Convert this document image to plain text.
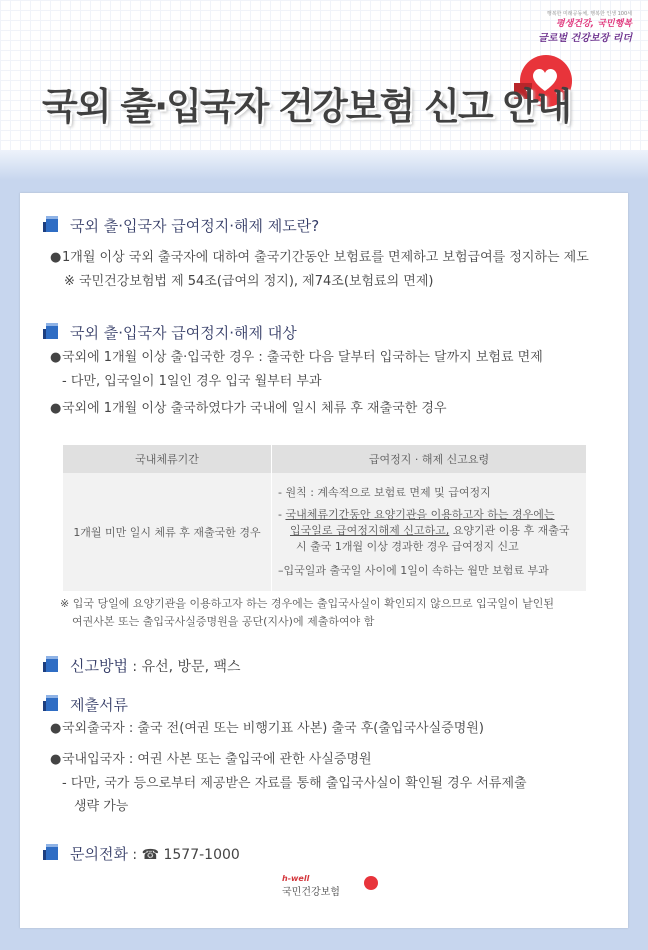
행복한 미래공동체, 행복한 인생 100세
평생건강, 국민행복
글로벌 건강보장 리더
국외 출·입국자 건강보험 신고 안내
국외 출·입국자 급여정지·해제 제도란?
●1개월 이상 국외 출국자에 대하여 출국기간동안 보험료를 면제하고 보험급여를 정지하는 제도
※ 국민건강보험법 제 54조(급여의 정지), 제74조(보험료의 면제)
국외 출·입국자 급여정지·해제 대상
●국외에 1개월 이상 출·입국한 경우 : 출국한 다음 달부터 입국하는 달까지 보험료 면제
- 다만, 입국일이 1일인 경우 입국 월부터 부과
●국외에 1개월 이상 출국하였다가 국내에 일시 체류 후 재출국한 경우
국내체류기간	급여정지 · 해제 신고요령
1개월 미만 일시 체류 후 재출국한 경우	- 원칙 : 계속적으로 보험료 면제 및 급여정지
- 국내체류기간동안 요양기관을 이용하고자 하는 경우에는
입국일로 급여정지해제 신고하고, 요양기관 이용 후 재출국
시 출국 1개월 이상 경과한 경우 급여정지 신고
–입국일과 출국일 사이에 1일이 속하는 월만 보험료 부과
※ 입국 당일에 요양기관을 이용하고자 하는 경우에는 출입국사실이 확인되지 않으므로 입국일이 낱인된
여권사본 또는 출입국사실증명원을 공단(지사)에 제출하여야 함
신고방법 : 유선, 방문, 팩스
제출서류
●국외출국자 : 출국 전(여권 또는 비행기표 사본) 출국 후(출입국사실증명원)
●국내입국자 : 여권 사본 또는 출입국에 관한 사실증명원
- 다만, 국가 등으로부터 제공받은 자료를 통해 출입국사실이 확인될 경우 서류제출
생략 가능
문의전화 : ☎ 1577-1000
h-well
국민건강보험
